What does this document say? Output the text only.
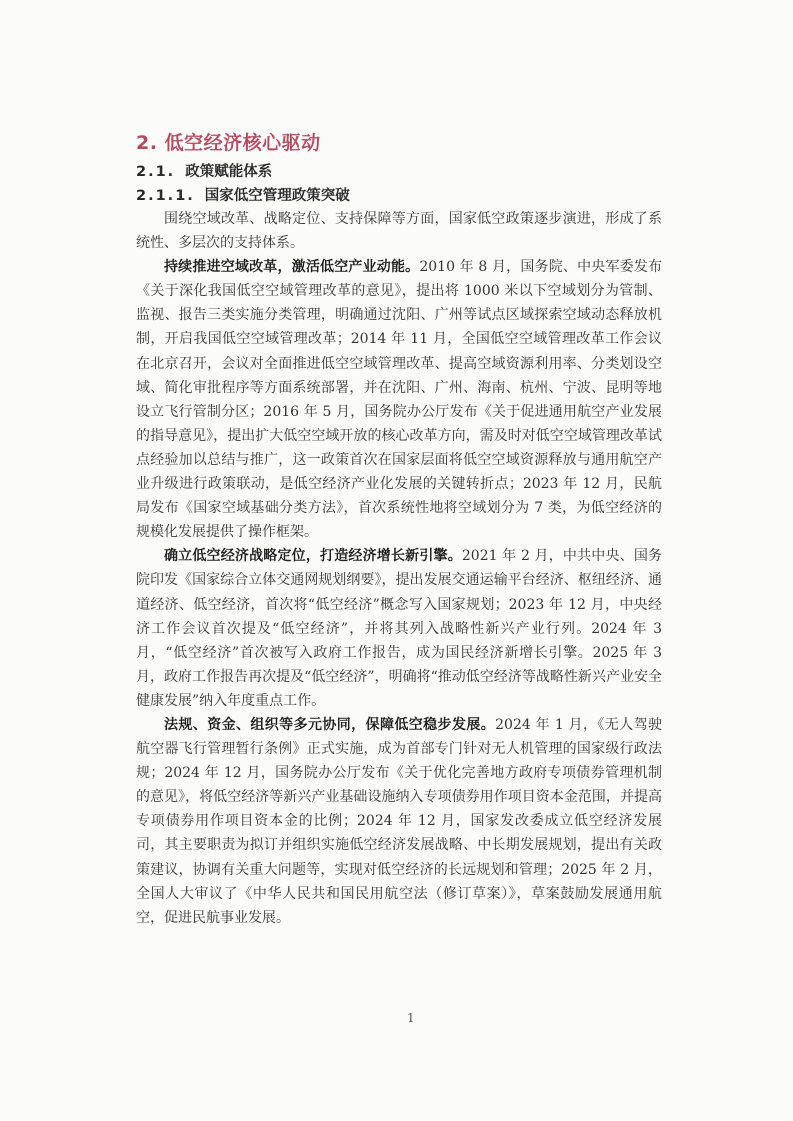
2. 低空经济核心驱动
2.1. 政策赋能体系
2.1.1. 国家低空管理政策突破

围绕空域改革、战略定位、支持保障等方面，国家低空政策逐步演进，形成了系统性、多层次的支持体系。

持续推进空域改革，激活低空产业动能。2010 年 8 月，国务院、中央军委发布《关于深化我国低空空域管理改革的意见》，提出将 1000 米以下空域划分为管制、监视、报告三类实施分类管理，明确通过沈阳、广州等试点区域探索空域动态释放机制，开启我国低空空域管理改革；2014 年 11 月，全国低空空域管理改革工作会议在北京召开，会议对全面推进低空空域管理改革、提高空域资源利用率、分类划设空域、简化审批程序等方面系统部署，并在沈阳、广州、海南、杭州、宁波、昆明等地设立飞行管制分区；2016 年 5 月，国务院办公厅发布《关于促进通用航空产业发展的指导意见》，提出扩大低空空域开放的核心改革方向，需及时对低空空域管理改革试点经验加以总结与推广，这一政策首次在国家层面将低空空域资源释放与通用航空产业升级进行政策联动，是低空经济产业化发展的关键转折点；2023 年 12 月，民航局发布《国家空域基础分类方法》，首次系统性地将空域划分为 7 类，为低空经济的规模化发展提供了操作框架。

确立低空经济战略定位，打造经济增长新引擎。2021 年 2 月，中共中央、国务院印发《国家综合立体交通网规划纲要》，提出发展交通运输平台经济、枢纽经济、通道经济、低空经济，首次将“低空经济”概念写入国家规划；2023 年 12 月，中央经济工作会议首次提及“低空经济”，并将其列入战略性新兴产业行列。2024 年 3 月，“低空经济”首次被写入政府工作报告，成为国民经济新增长引擎。2025 年 3 月，政府工作报告再次提及“低空经济”，明确将“推动低空经济等战略性新兴产业安全健康发展”纳入年度重点工作。

法规、资金、组织等多元协同，保障低空稳步发展。2024 年 1 月，《无人驾驶航空器飞行管理暂行条例》正式实施，成为首部专门针对无人机管理的国家级行政法规；2024 年 12 月，国务院办公厅发布《关于优化完善地方政府专项债券管理机制的意见》，将低空经济等新兴产业基础设施纳入专项债券用作项目资本金范围，并提高专项债券用作项目资本金的比例；2024 年 12 月，国家发改委成立低空经济发展司，其主要职责为拟订并组织实施低空经济发展战略、中长期发展规划，提出有关政策建议，协调有关重大问题等，实现对低空经济的长远规划和管理；2025 年 2 月，全国人大审议了《中华人民共和国民用航空法（修订草案）》，草案鼓励发展通用航空，促进民航事业发展。

1
